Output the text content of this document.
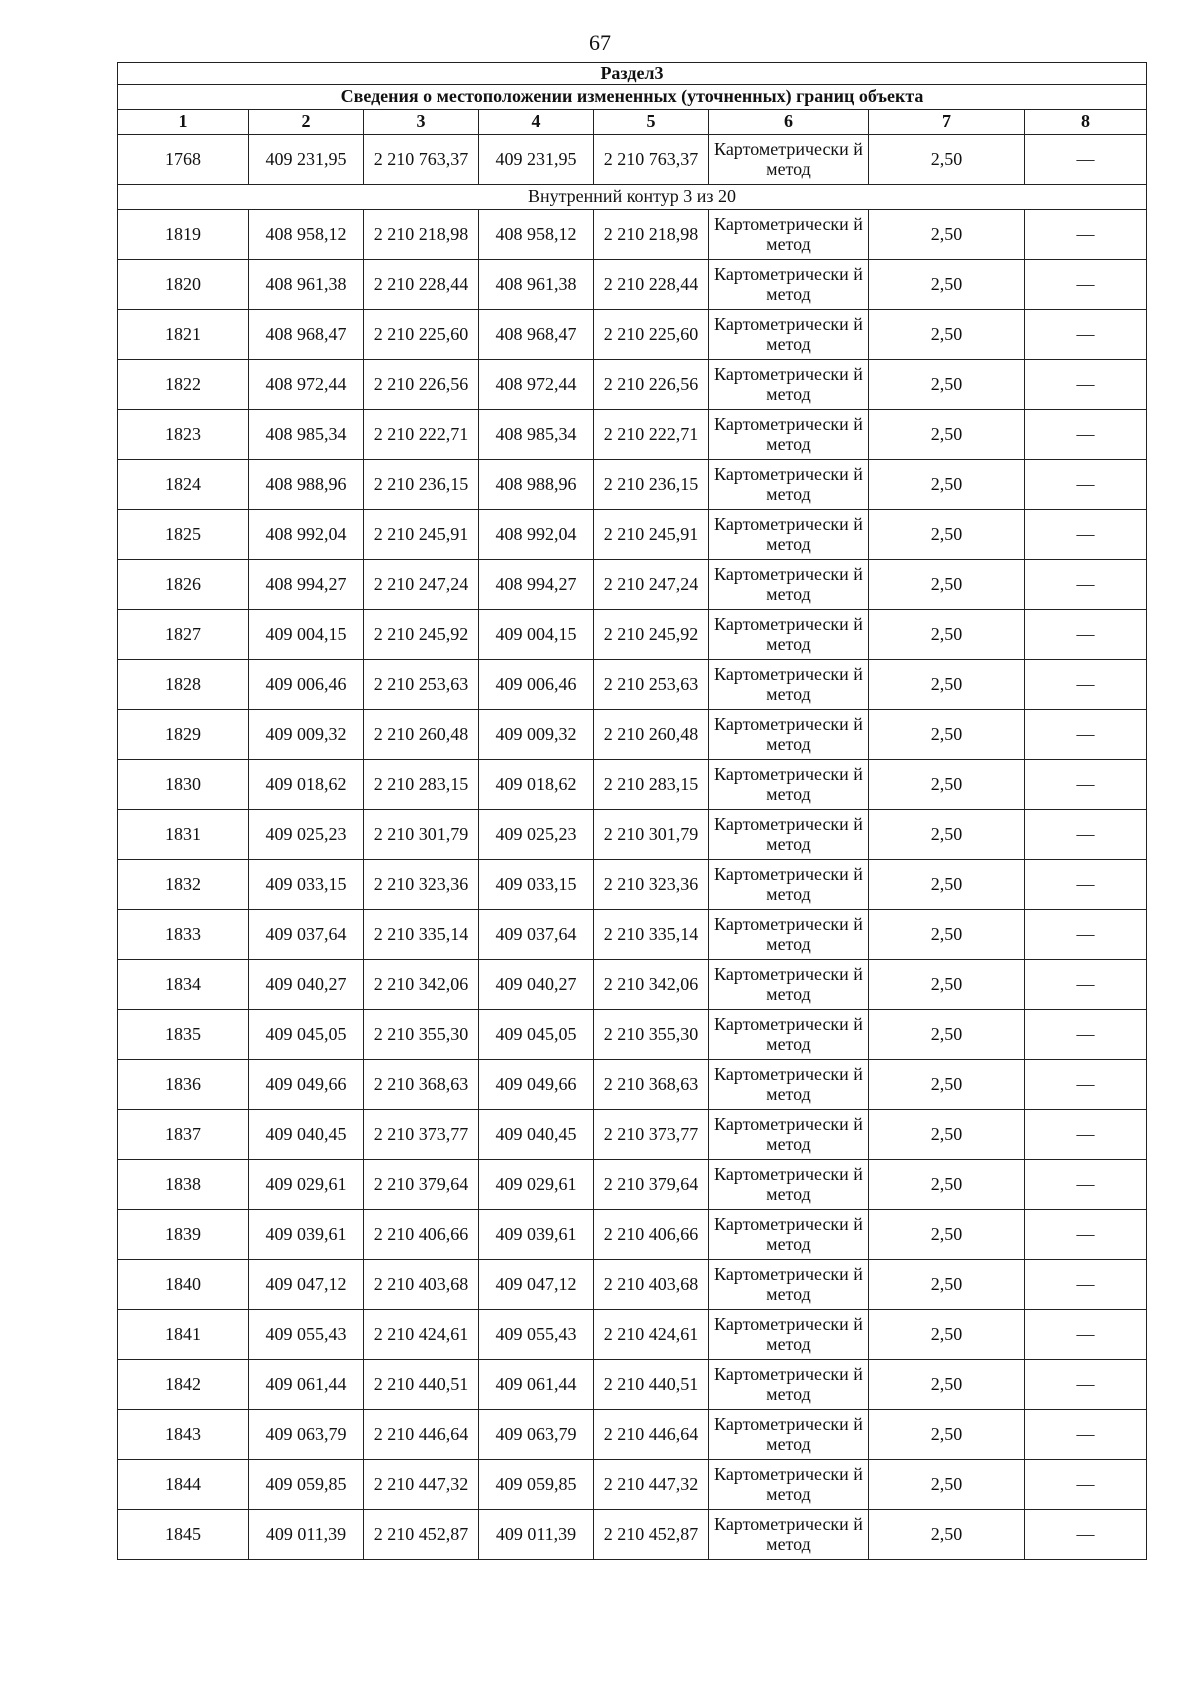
67
Раздел3							
Сведения о местоположении измененных (уточненных) границ объекта							
1	2	3	4	5	6	7	8
1768	409 231,95	2 210 763,37	409 231,95	2 210 763,37	Картометрически й метод	2,50	—
Внутренний контур 3 из 20							
1819	408 958,12	2 210 218,98	408 958,12	2 210 218,98	Картометрически й метод	2,50	—
1820	408 961,38	2 210 228,44	408 961,38	2 210 228,44	Картометрически й метод	2,50	—
1821	408 968,47	2 210 225,60	408 968,47	2 210 225,60	Картометрически й метод	2,50	—
1822	408 972,44	2 210 226,56	408 972,44	2 210 226,56	Картометрически й метод	2,50	—
1823	408 985,34	2 210 222,71	408 985,34	2 210 222,71	Картометрически й метод	2,50	—
1824	408 988,96	2 210 236,15	408 988,96	2 210 236,15	Картометрически й метод	2,50	—
1825	408 992,04	2 210 245,91	408 992,04	2 210 245,91	Картометрически й метод	2,50	—
1826	408 994,27	2 210 247,24	408 994,27	2 210 247,24	Картометрически й метод	2,50	—
1827	409 004,15	2 210 245,92	409 004,15	2 210 245,92	Картометрически й метод	2,50	—
1828	409 006,46	2 210 253,63	409 006,46	2 210 253,63	Картометрически й метод	2,50	—
1829	409 009,32	2 210 260,48	409 009,32	2 210 260,48	Картометрически й метод	2,50	—
1830	409 018,62	2 210 283,15	409 018,62	2 210 283,15	Картометрически й метод	2,50	—
1831	409 025,23	2 210 301,79	409 025,23	2 210 301,79	Картометрически й метод	2,50	—
1832	409 033,15	2 210 323,36	409 033,15	2 210 323,36	Картометрически й метод	2,50	—
1833	409 037,64	2 210 335,14	409 037,64	2 210 335,14	Картометрически й метод	2,50	—
1834	409 040,27	2 210 342,06	409 040,27	2 210 342,06	Картометрически й метод	2,50	—
1835	409 045,05	2 210 355,30	409 045,05	2 210 355,30	Картометрически й метод	2,50	—
1836	409 049,66	2 210 368,63	409 049,66	2 210 368,63	Картометрически й метод	2,50	—
1837	409 040,45	2 210 373,77	409 040,45	2 210 373,77	Картометрически й метод	2,50	—
1838	409 029,61	2 210 379,64	409 029,61	2 210 379,64	Картометрически й метод	2,50	—
1839	409 039,61	2 210 406,66	409 039,61	2 210 406,66	Картометрически й метод	2,50	—
1840	409 047,12	2 210 403,68	409 047,12	2 210 403,68	Картометрически й метод	2,50	—
1841	409 055,43	2 210 424,61	409 055,43	2 210 424,61	Картометрически й метод	2,50	—
1842	409 061,44	2 210 440,51	409 061,44	2 210 440,51	Картометрически й метод	2,50	—
1843	409 063,79	2 210 446,64	409 063,79	2 210 446,64	Картометрически й метод	2,50	—
1844	409 059,85	2 210 447,32	409 059,85	2 210 447,32	Картометрически й метод	2,50	—
1845	409 011,39	2 210 452,87	409 011,39	2 210 452,87	Картометрически й метод	2,50	—
